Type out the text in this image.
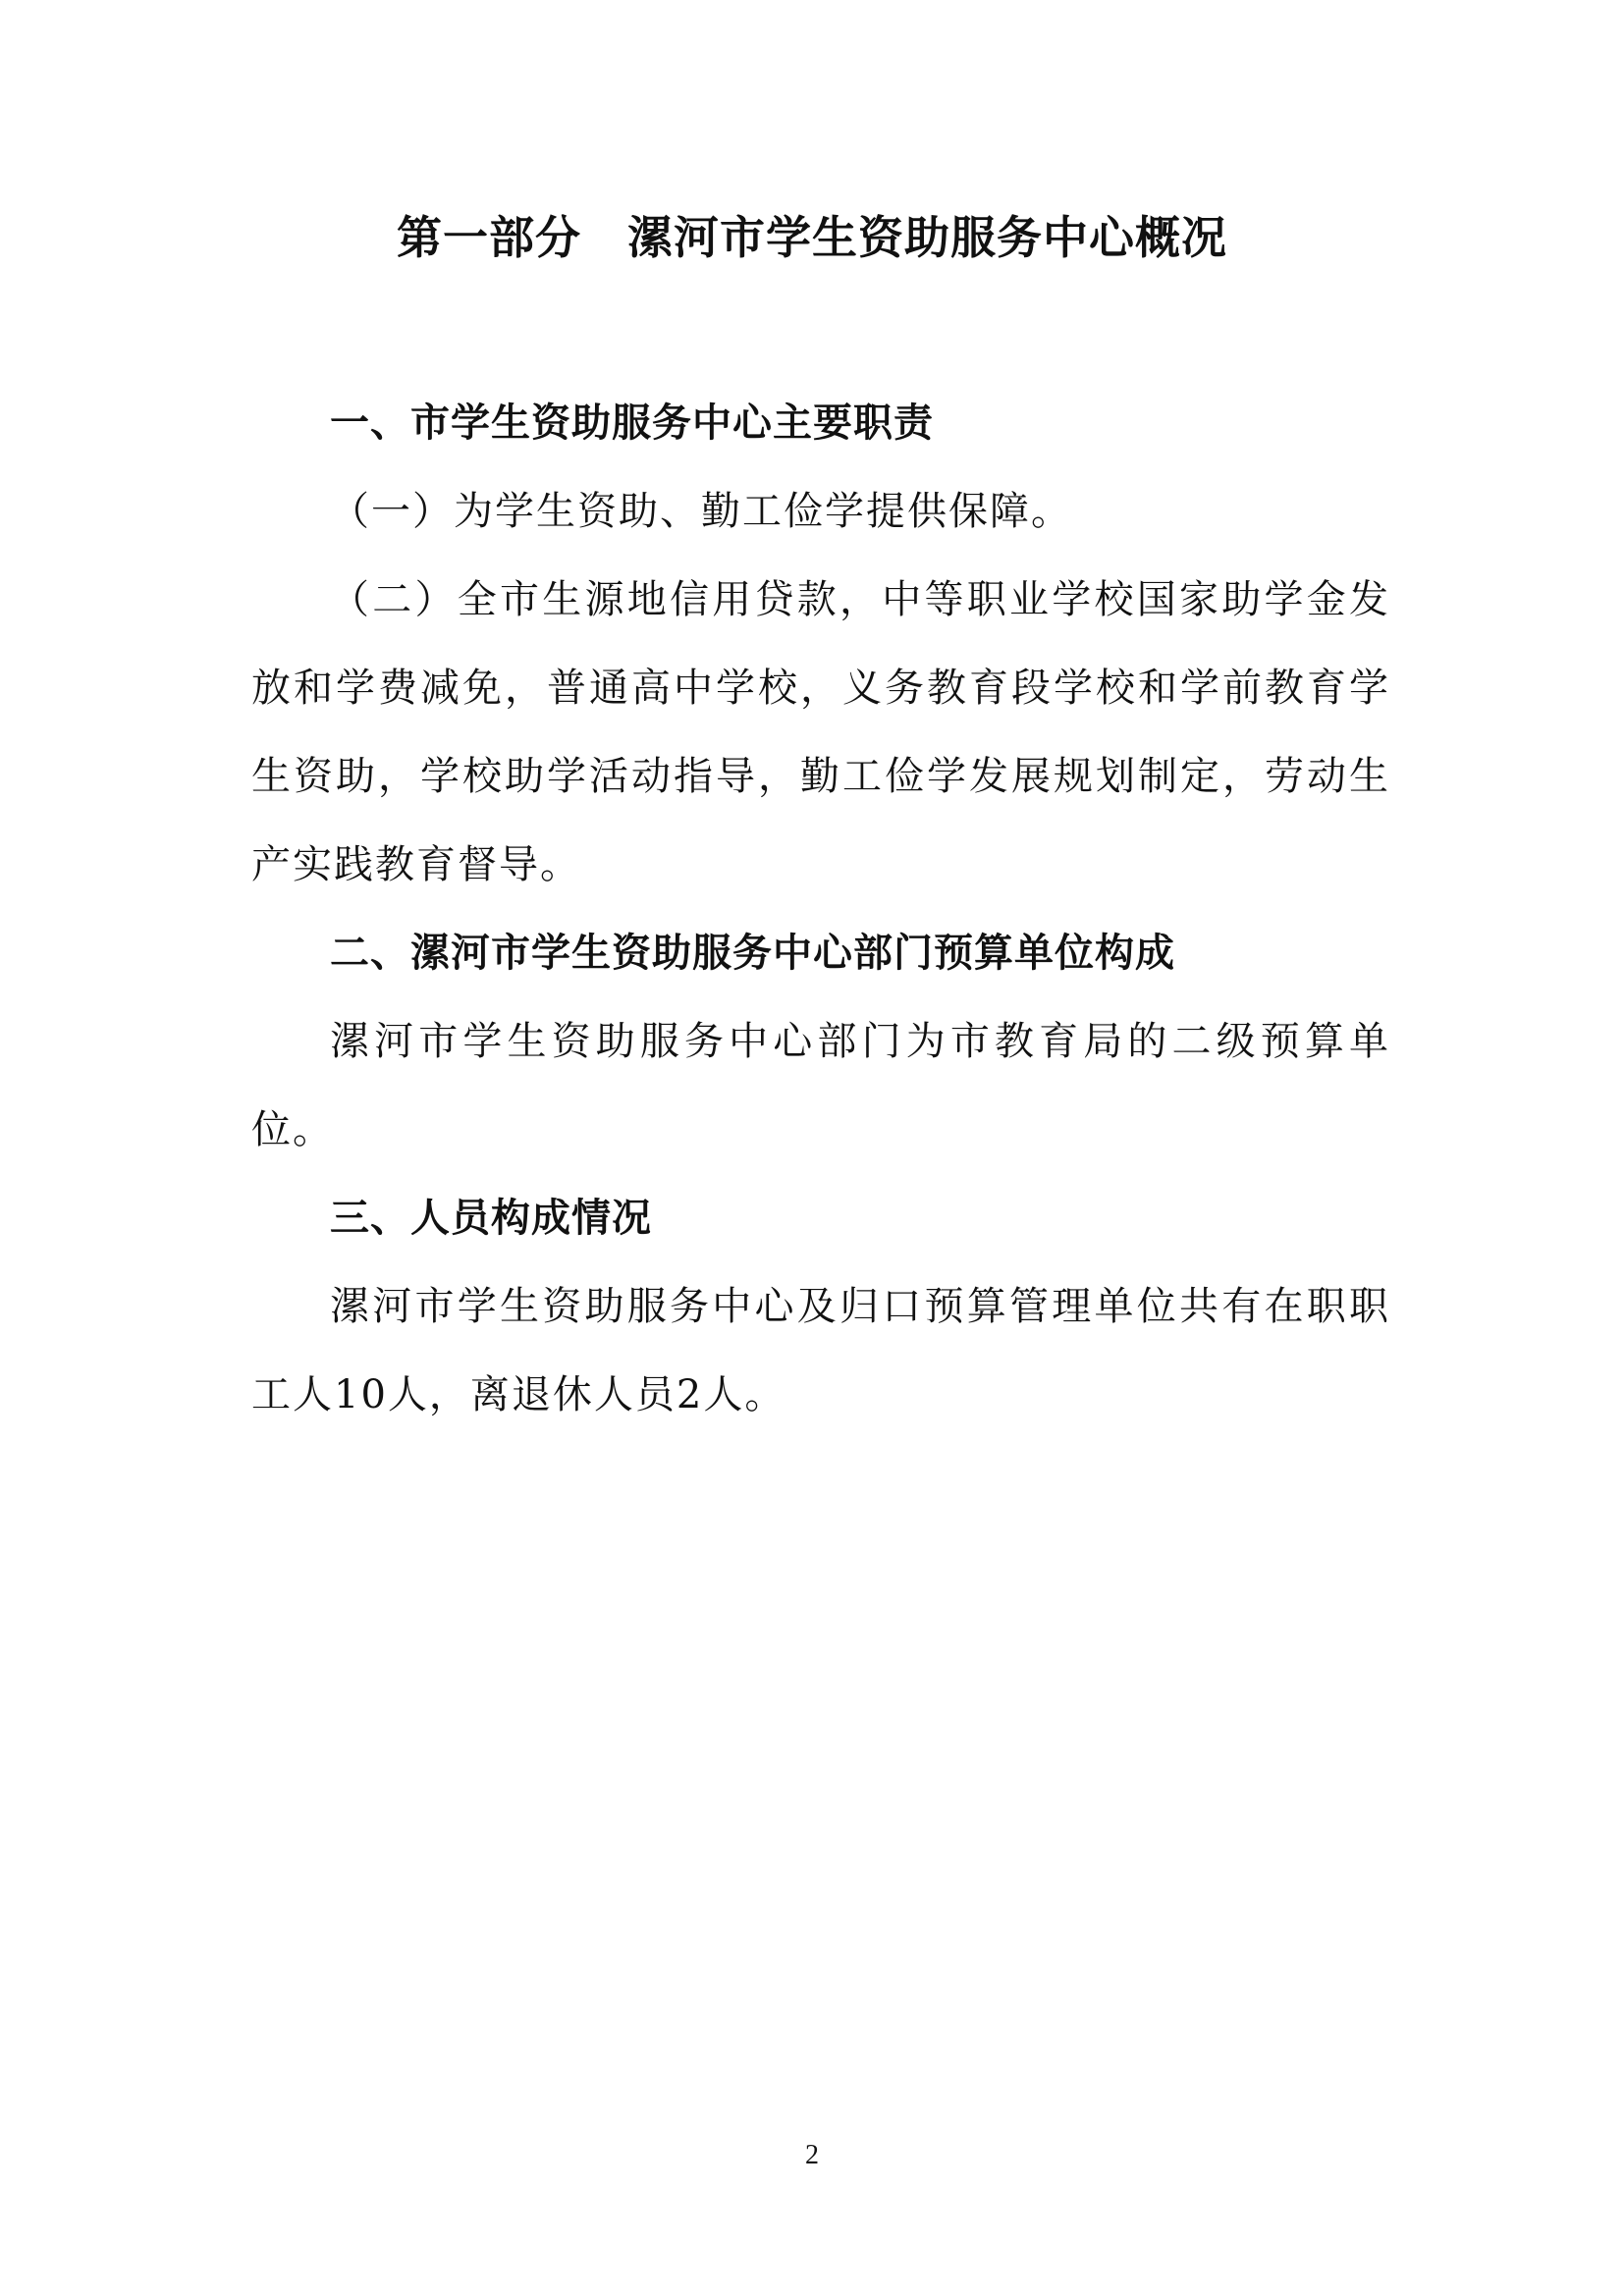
第一部分　漯河市学生资助服务中心概况

一、市学生资助服务中心主要职责

（一）为学生资助、勤工俭学提供保障。

（二）全市生源地信用贷款，中等职业学校国家助学金发放和学费减免，普通高中学校，义务教育段学校和学前教育学生资助，学校助学活动指导，勤工俭学发展规划制定，劳动生产实践教育督导。

二、漯河市学生资助服务中心部门预算单位构成

漯河市学生资助服务中心部门为市教育局的二级预算单位。

三、人员构成情况

漯河市学生资助服务中心及归口预算管理单位共有在职职工人10人，离退休人员2人。

2
